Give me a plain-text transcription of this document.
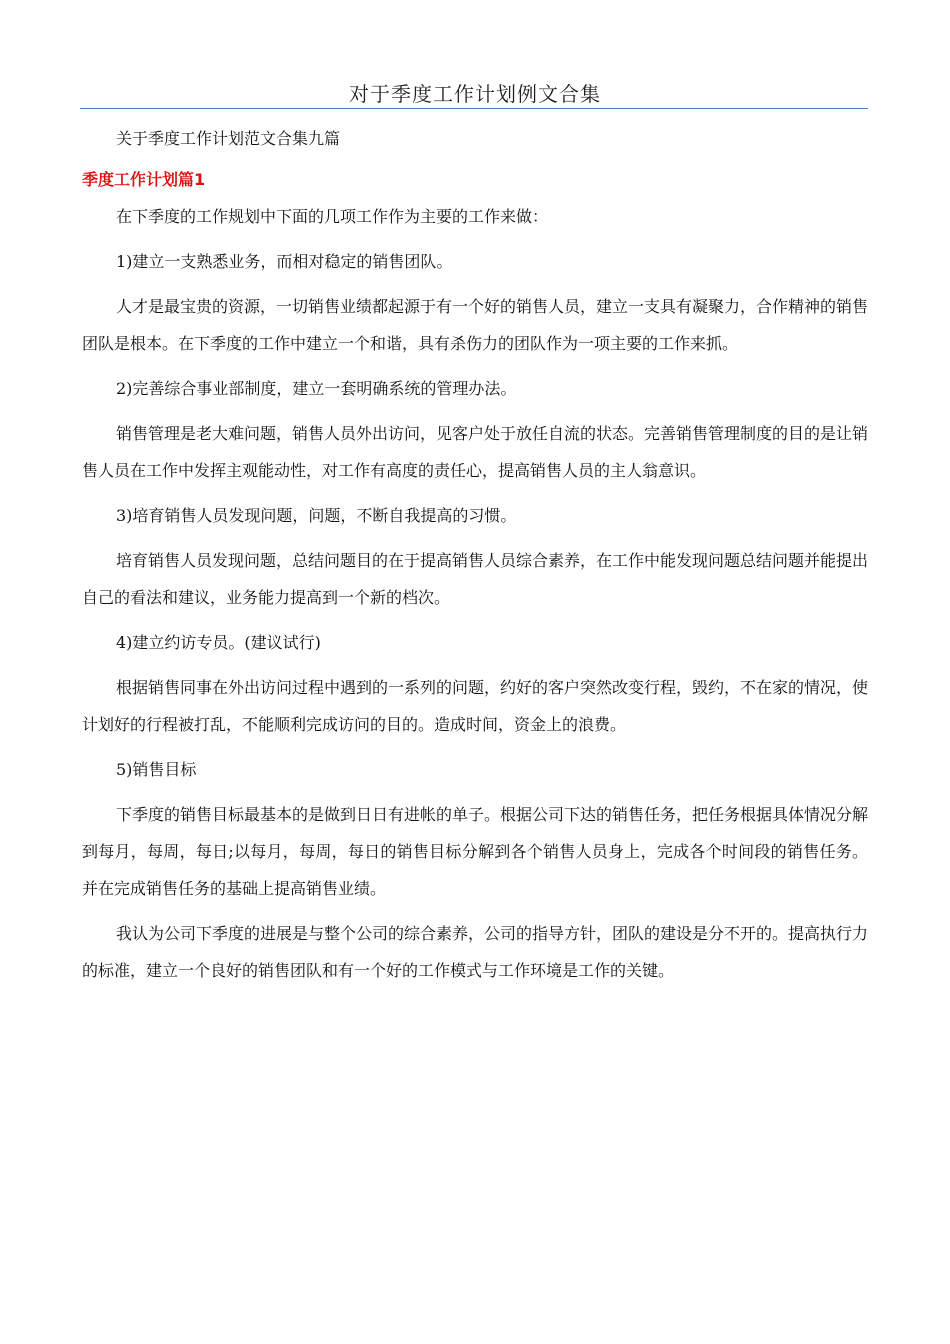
对于季度工作计划例文合集

关于季度工作计划范文合集九篇

季度工作计划篇1

在下季度的工作规划中下面的几项工作作为主要的工作来做：

1)建立一支熟悉业务，而相对稳定的销售团队。

人才是最宝贵的资源，一切销售业绩都起源于有一个好的销售人员，建立一支具有凝聚力，合作精神的销售团队是根本。在下季度的工作中建立一个和谐，具有杀伤力的团队作为一项主要的工作来抓。

2)完善综合事业部制度，建立一套明确系统的管理办法。

销售管理是老大难问题，销售人员外出访问，见客户处于放任自流的状态。完善销售管理制度的目的是让销售人员在工作中发挥主观能动性，对工作有高度的责任心，提高销售人员的主人翁意识。

3)培育销售人员发现问题，问题，不断自我提高的习惯。

培育销售人员发现问题，总结问题目的在于提高销售人员综合素养，在工作中能发现问题总结问题并能提出自己的看法和建议，业务能力提高到一个新的档次。

4)建立约访专员。(建议试行)

根据销售同事在外出访问过程中遇到的一系列的问题，约好的客户突然改变行程，毁约，不在家的情况，使计划好的行程被打乱，不能顺利完成访问的目的。造成时间，资金上的浪费。

5)销售目标

下季度的销售目标最基本的是做到日日有进帐的单子。根据公司下达的销售任务，把任务根据具体情况分解到每月，每周，每日;以每月，每周，每日的销售目标分解到各个销售人员身上，完成各个时间段的销售任务。并在完成销售任务的基础上提高销售业绩。

我认为公司下季度的进展是与整个公司的综合素养，公司的指导方针，团队的建设是分不开的。提高执行力的标准，建立一个良好的销售团队和有一个好的工作模式与工作环境是工作的关键。
